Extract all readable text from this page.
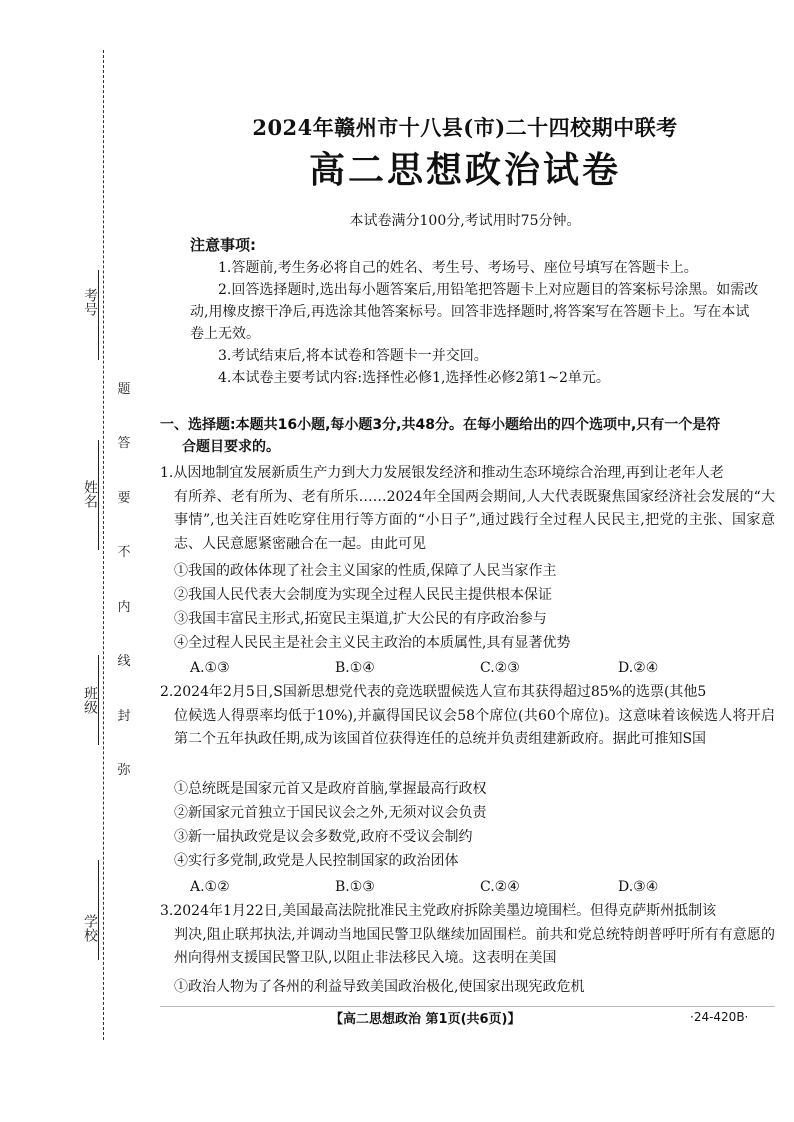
考号
姓名
班级
学校
题
答
要
不
内
线
封
弥
2024年赣州市十八县(市)二十四校期中联考
高二思想政治试卷
本试卷满分100分,考试用时75分钟。
注意事项:
1.答题前,考生务必将自己的姓名、考生号、考场号、座位号填写在答题卡上。
2.回答选择题时,选出每小题答案后,用铅笔把答题卡上对应题目的答案标号涂黑。如需改动,用橡皮擦干净后,再选涂其他答案标号。回答非选择题时,将答案写在答题卡上。写在本试卷上无效。
3.考试结束后,将本试卷和答题卡一并交回。
4.本试卷主要考试内容:选择性必修1,选择性必修2第1~2单元。
一、选择题:本题共16小题,每小题3分,共48分。在每小题给出的四个选项中,只有一个是符
合题目要求的。
1.从因地制宜发展新质生产力到大力发展银发经济和推动生态环境综合治理,再到让老年人老
有所养、老有所为、老有所乐……2024年全国两会期间,人大代表既聚焦国家经济社会发展的“大事情”,也关注百姓吃穿住用行等方面的“小日子”,通过践行全过程人民民主,把党的主张、国家意志、人民意愿紧密融合在一起。由此可见
①我国的政体体现了社会主义国家的性质,保障了人民当家作主
②我国人民代表大会制度为实现全过程人民民主提供根本保证
③我国丰富民主形式,拓宽民主渠道,扩大公民的有序政治参与
④全过程人民民主是社会主义民主政治的本质属性,具有显著优势
A.①③	B.①④	C.②③	D.②④
2.2024年2月5日,S国新思想党代表的竞选联盟候选人宣布其获得超过85%的选票(其他5
位候选人得票率均低于10%),并赢得国民议会58个席位(共60个席位)。这意味着该候选人将开启第二个五年执政任期,成为该国首位获得连任的总统并负责组建新政府。据此可推知S国
①总统既是国家元首又是政府首脑,掌握最高行政权
②新国家元首独立于国民议会之外,无须对议会负责
③新一届执政党是议会多数党,政府不受议会制约
④实行多党制,政党是人民控制国家的政治团体
A.①②	B.①③	C.②④	D.③④
3.2024年1月22日,美国最高法院批准民主党政府拆除美墨边境围栏。但得克萨斯州抵制该
判决,阻止联邦执法,并调动当地国民警卫队继续加固围栏。前共和党总统特朗普呼吁所有有意愿的州向得州支援国民警卫队,以阻止非法移民入境。这表明在美国
①政治人物为了各州的利益导致美国政治极化,使国家出现宪政危机
【高二思想政治 第1页(共6页)】	·24-420B·
